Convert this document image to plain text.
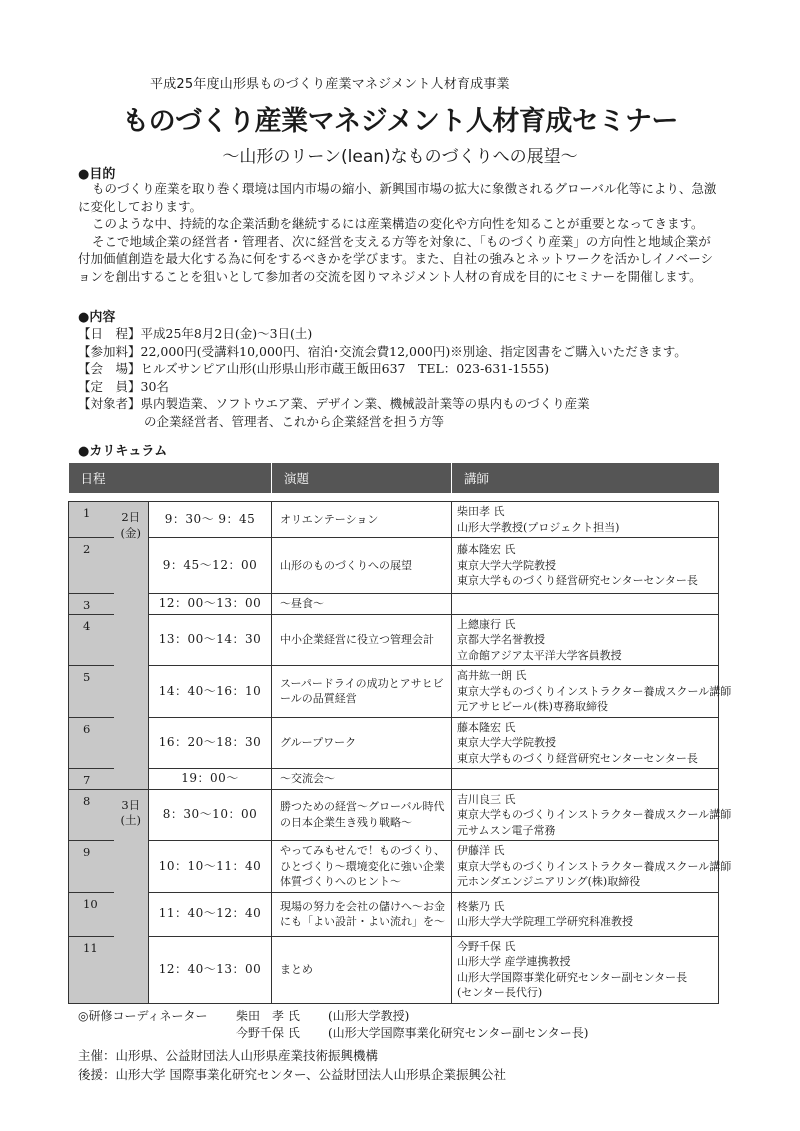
平成25年度山形県ものづくり産業マネジメント人材育成事業
ものづくり産業マネジメント人材育成セミナー
～山形のリーン(lean)なものづくりへの展望～
●目的

ものづくり産業を取り巻く環境は国内市場の縮小、新興国市場の拡大に象徴されるグローバル化等により、急激に変化しております。

このような中、持続的な企業活動を継続するには産業構造の変化や方向性を知ることが重要となってきます。

そこで地域企業の経営者・管理者、次に経営を支える方等を対象に、「ものづくり産業」の方向性と地域企業が付加価値創造を最大化する為に何をするべきかを学びます。また、自社の強みとネットワークを活かしイノベーションを創出することを狙いとして参加者の交流を図りマネジメント人材の育成を目的にセミナーを開催します。

●内容
【日　程】平成25年8月2日(金)～3日(土)
【参加料】22,000円(受講料10,000円、宿泊･交流会費12,000円)※別途、指定図書をご購入いただきます。
【会　場】ヒルズサンピア山形(山形県山形市蔵王飯田637　TEL：023-631-1555)
【定　員】30名
【対象者】県内製造業、ソフトウエア業、デザイン業、機械設計業等の県内ものづくり産業
の企業経営者、管理者、これから企業経営を担う方等
●カリキュラム
日程			演題	講師

1	2日
(金)	9：30～ 9：45	オリエンテーション	柴田孝 氏
山形大学教授(プロジェクト担当)

2		9：45～12：00	山形のものづくりへの展望	藤本隆宏 氏
東京大学大学院教授
東京大学ものづくり経営研究センターセンター長

3		12：00～13：00	～昼食～	
4		13：00～14：30	中小企業経営に役立つ管理会計	上總康行 氏
京都大学名誉教授
立命館アジア太平洋大学客員教授

5		14：40～16：10	スーパードライの成功とアサヒビールの品質経営	高井紘一朗 氏
東京大学ものづくりインストラクター養成スクール講師
元アサヒビール(株)専務取締役

6		16：20～18：30	グループワーク	藤本隆宏 氏
東京大学大学院教授
東京大学ものづくり経営研究センターセンター長

7		19：00～	～交流会～	
8	3日
(土)	8：30～10：00	勝つための経営～グローバル時代の日本企業生き残り戦略～	吉川良三 氏
東京大学ものづくりインストラクター養成スクール講師
元サムスン電子常務

9		10：10～11：40	やってみもせんで！ものづくり、ひとづくり～環境変化に強い企業体質づくりへのヒント～	伊藤洋 氏
東京大学ものづくりインストラクター養成スクール講師
元ホンダエンジニアリング(株)取締役

10		11：40～12：40	現場の努力を会社の儲けへ～お金にも「よい設計・よい流れ」を～	柊紫乃 氏
山形大学大学院理工学研究科准教授

11		12：40～13：00	まとめ	今野千保 氏
山形大学 産学連携教授
山形大学国際事業化研究センター副センター長
(センター長代行)
◎研修コーディネーター 柴田　孝 氏 (山形大学教授)
今野千保 氏 (山形大学国際事業化研究センター副センター長)
主催：山形県、公益財団法人山形県産業技術振興機構
後援：山形大学 国際事業化研究センター、公益財団法人山形県企業振興公社
